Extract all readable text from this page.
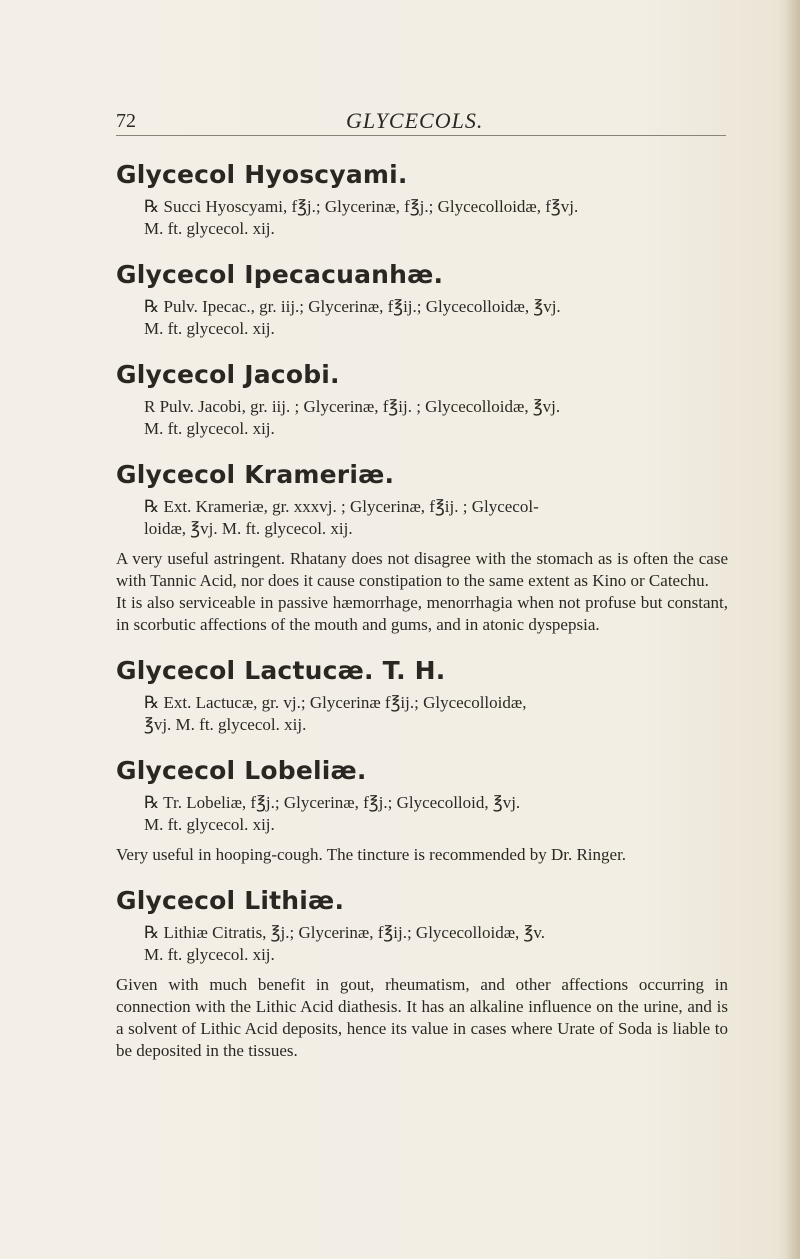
72	GLYCECOLS.
Glycecol Hyoscyami.
℞ Succi Hyoscyami, f℥j.; Glycerinæ, f℥j.; Glycecolloidæ, f℥vj.
M. ft. glycecol. xij.
Glycecol Ipecacuanhæ.
℞ Pulv. Ipecac., gr. iij.; Glycerinæ, f℥ij.; Glycecolloidæ, ℥vj.
M. ft. glycecol. xij.
Glycecol Jacobi.
R Pulv. Jacobi, gr. iij. ; Glycerinæ, f℥ij. ; Glycecolloidæ, ℥vj.
M. ft. glycecol. xij.
Glycecol Krameriæ.
℞ Ext. Krameriæ, gr. xxxvj. ; Glycerinæ, f℥ij. ; Glycecol-
loidæ, ℥vj. M. ft. glycecol. xij.

A very useful astringent. Rhatany does not disagree with the stomach as is often the case with Tannic Acid, nor does it cause constipation to the same extent as Kino or Catechu.

It is also serviceable in passive hæmorrhage, menorrhagia when not profuse but constant, in scorbutic affections of the mouth and gums, and in atonic dyspepsia.

Glycecol Lactucæ. T. H.
℞ Ext. Lactucæ, gr. vj.; Glycerinæ f℥ij.; Glycecolloidæ,
℥vj. M. ft. glycecol. xij.
Glycecol Lobeliæ.
℞ Tr. Lobeliæ, f℥j.; Glycerinæ, f℥j.; Glycecolloid, ℥vj.
M. ft. glycecol. xij.

Very useful in hooping-cough. The tincture is recommended by Dr. Ringer.

Glycecol Lithiæ.
℞ Lithiæ Citratis, ℥j.; Glycerinæ, f℥ij.; Glycecolloidæ, ℥v.
M. ft. glycecol. xij.

Given with much benefit in gout, rheumatism, and other affections occurring in connection with the Lithic Acid diathesis. It has an alkaline influence on the urine, and is a solvent of Lithic Acid deposits, hence its value in cases where Urate of Soda is liable to be deposited in the tissues.
